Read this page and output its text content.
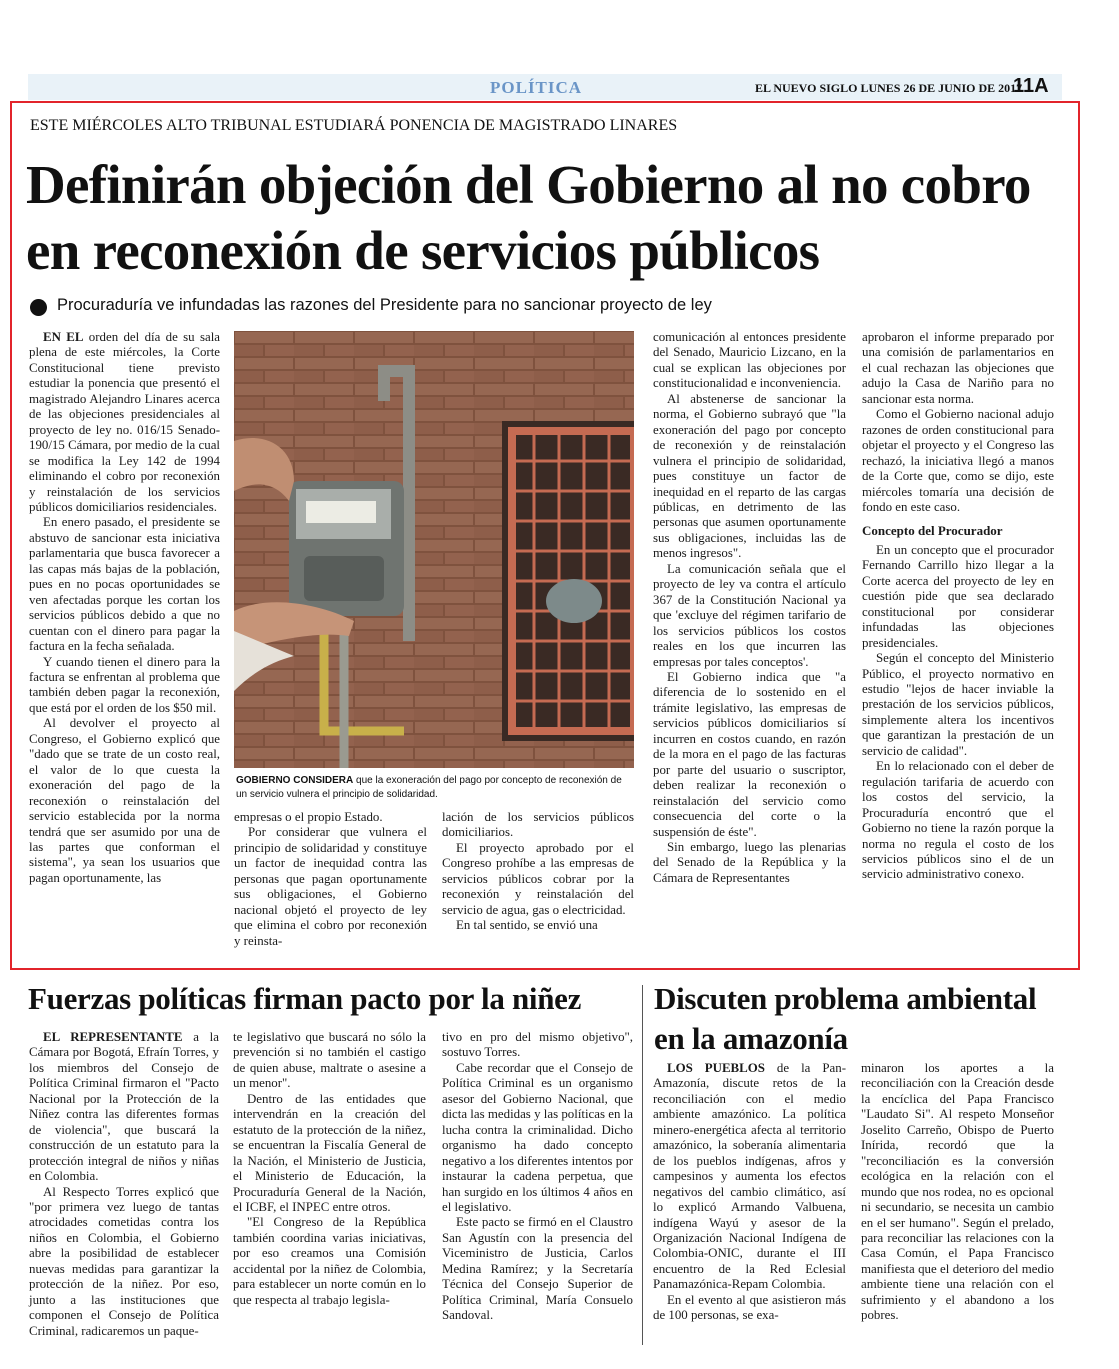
POLÍTICA	EL NUEVO SIGLO LUNES 26 DE JUNIO DE 2017
11A
ESTE MIÉRCOLES ALTO TRIBUNAL ESTUDIARÁ PONENCIA DE MAGISTRADO LINARES
Definirán objeción del Gobierno al no cobro en reconexión de servicios públicos
Procuraduría ve infundadas las razones del Presidente para no sancionar proyecto de ley

EN EL orden del día de su sala plena de este miércoles, la Corte Constitucional tiene previsto estudiar la ponencia que presentó el magistrado Alejandro Linares acerca de las objeciones presidenciales al proyecto de ley no. 016/15 Senado- 190/15 Cámara, por medio de la cual se modifica la Ley 142 de 1994 eliminando el cobro por reconexión y reinstalación de los servicios públicos domiciliarios residenciales.

En enero pasado, el presidente se abstuvo de sancionar esta iniciativa parlamentaria que busca favorecer a las capas más bajas de la población, pues en no pocas oportunidades se ven afectadas porque les cortan los servicios públicos debido a que no cuentan con el dinero para pagar la factura en la fecha señalada.

Y cuando tienen el dinero para la factura se enfrentan al problema que también deben pagar la reconexión, que está por el orden de los $50 mil.

Al devolver el proyecto al Congreso, el Gobierno explicó que "dado que se trate de un costo real, el valor de lo que cuesta la exoneración del pago de la reconexión o reinstalación del servicio establecida por la norma tendrá que ser asumido por una de las partes que conforman el sistema", ya sean los usuarios que pagan oportunamente, las

GOBIERNO CONSIDERA que la exoneración del pago por concepto de reconexión de un servicio vulnera el principio de solidaridad.

empresas o el propio Estado.

Por considerar que vulnera el principio de solidaridad y constituye un factor de inequidad contra las personas que pagan oportunamente sus obligaciones, el Gobierno nacional objetó el proyecto de ley que elimina el cobro por reconexión y reinsta-

lación de los servicios públicos domiciliarios.

El proyecto aprobado por el Congreso prohíbe a las empresas de servicios públicos cobrar por la reconexión y reinstalación del servicio de agua, gas o electricidad.

En tal sentido, se envió una

comunicación al entonces presidente del Senado, Mauricio Lizcano, en la cual se explican las objeciones por constitucionalidad e inconveniencia.

Al abstenerse de sancionar la norma, el Gobierno subrayó que "la exoneración del pago por concepto de reconexión y de reinstalación vulnera el principio de solidaridad, pues constituye un factor de inequidad en el reparto de las cargas públicas, en detrimento de las personas que asumen oportunamente sus obligaciones, incluidas las de menos ingresos".

La comunicación señala que el proyecto de ley va contra el artículo 367 de la Constitución Nacional ya que 'excluye del régimen tarifario de los servicios públicos los costos reales en los que incurren las empresas por tales conceptos'.

El Gobierno indica que "a diferencia de lo sostenido en el trámite legislativo, las empresas de servicios públicos domiciliarios sí incurren en costos cuando, en razón de la mora en el pago de las facturas por parte del usuario o suscriptor, deben realizar la reconexión o reinstalación del servicio como consecuencia del corte o la suspensión de éste".

Sin embargo, luego las plenarias del Senado de la República y la Cámara de Representantes

aprobaron el informe preparado por una comisión de parlamentarios en el cual rechazan las objeciones que adujo la Casa de Nariño para no sancionar esta norma.

Como el Gobierno nacional adujo razones de orden constitucional para objetar el proyecto y el Congreso las rechazó, la iniciativa llegó a manos de la Corte que, como se dijo, este miércoles tomaría una decisión de fondo en este caso.

Concepto del Procurador

En un concepto que el procurador Fernando Carrillo hizo llegar a la Corte acerca del proyecto de ley en cuestión pide que sea declarado constitucional por considerar infundadas las objeciones presidenciales.

Según el concepto del Ministerio Público, el proyecto normativo en estudio "lejos de hacer inviable la prestación de los servicios públicos, simplemente altera los incentivos que garantizan la prestación de un servicio de calidad".

En lo relacionado con el deber de regulación tarifaria de acuerdo con los costos del servicio, la Procuraduría encontró que el Gobierno no tiene la razón porque la norma no regula el costo de los servicios públicos sino el de un servicio administrativo conexo.

Fuerzas políticas firman pacto por la niñez Discuten problema ambiental en la amazonía

EL REPRESENTANTE a la Cámara por Bogotá, Efraín Torres, y los miembros del Consejo de Política Criminal firmaron el "Pacto Nacional por la Protección de la Niñez contra las diferentes formas de violencia", que buscará la construcción de un estatuto para la protección integral de niños y niñas en Colombia.

Al Respecto Torres explicó que "por primera vez luego de tantas atrocidades cometidas contra los niños en Colombia, el Gobierno abre la posibilidad de establecer nuevas medidas para garantizar la protección de la niñez. Por eso, junto a las instituciones que componen el Consejo de Política Criminal, radicaremos un paque-

te legislativo que buscará no sólo la prevención si no también el castigo de quien abuse, maltrate o asesine a un menor".

Dentro de las entidades que intervendrán en la creación del estatuto de la protección de la niñez, se encuentran la Fiscalía General de la Nación, el Ministerio de Justicia, el Ministerio de Educación, la Procuraduría General de la Nación, el ICBF, el INPEC entre otros.

"El Congreso de la República también coordina varias iniciativas, por eso creamos una Comisión accidental por la niñez de Colombia, para establecer un norte común en lo que respecta al trabajo legisla-

tivo en pro del mismo objetivo", sostuvo Torres.

Cabe recordar que el Consejo de Política Criminal es un organismo asesor del Gobierno Nacional, que dicta las medidas y las políticas en la lucha contra la criminalidad. Dicho organismo ha dado concepto negativo a los diferentes intentos por instaurar la cadena perpetua, que han surgido en los últimos 4 años en el legislativo.

Este pacto se firmó en el Claustro San Agustín con la presencia del Viceministro de Justicia, Carlos Medina Ramírez; y la Secretaría Técnica del Consejo Superior de Política Criminal, María Consuelo Sandoval.

LOS PUEBLOS de la Pan-Amazonía, discute retos de la reconciliación con el medio ambiente amazónico. La política minero-energética afecta al territorio amazónico, la soberanía alimentaria de los pueblos indígenas, afros y campesinos y aumenta los efectos negativos del cambio climático, así lo explicó Armando Valbuena, indígena Wayú y asesor de la Organización Nacional Indígena de Colombia-ONIC, durante el III encuentro de la Red Eclesial Panamazónica-Repam Colombia.

En el evento al que asistieron más de 100 personas, se exa-

minaron los aportes a la reconciliación con la Creación desde la encíclica del Papa Francisco "Laudato Si". Al respeto Monseñor Joselito Carreño, Obispo de Puerto Inírida, recordó que la "reconciliación es la conversión ecológica en la relación con el mundo que nos rodea, no es opcional ni secundario, se necesita un cambio en el ser humano". Según el prelado, para reconciliar las relaciones con la Casa Común, el Papa Francisco manifiesta que el deterioro del medio ambiente tiene una relación con el sufrimiento y el abandono a los pobres.
